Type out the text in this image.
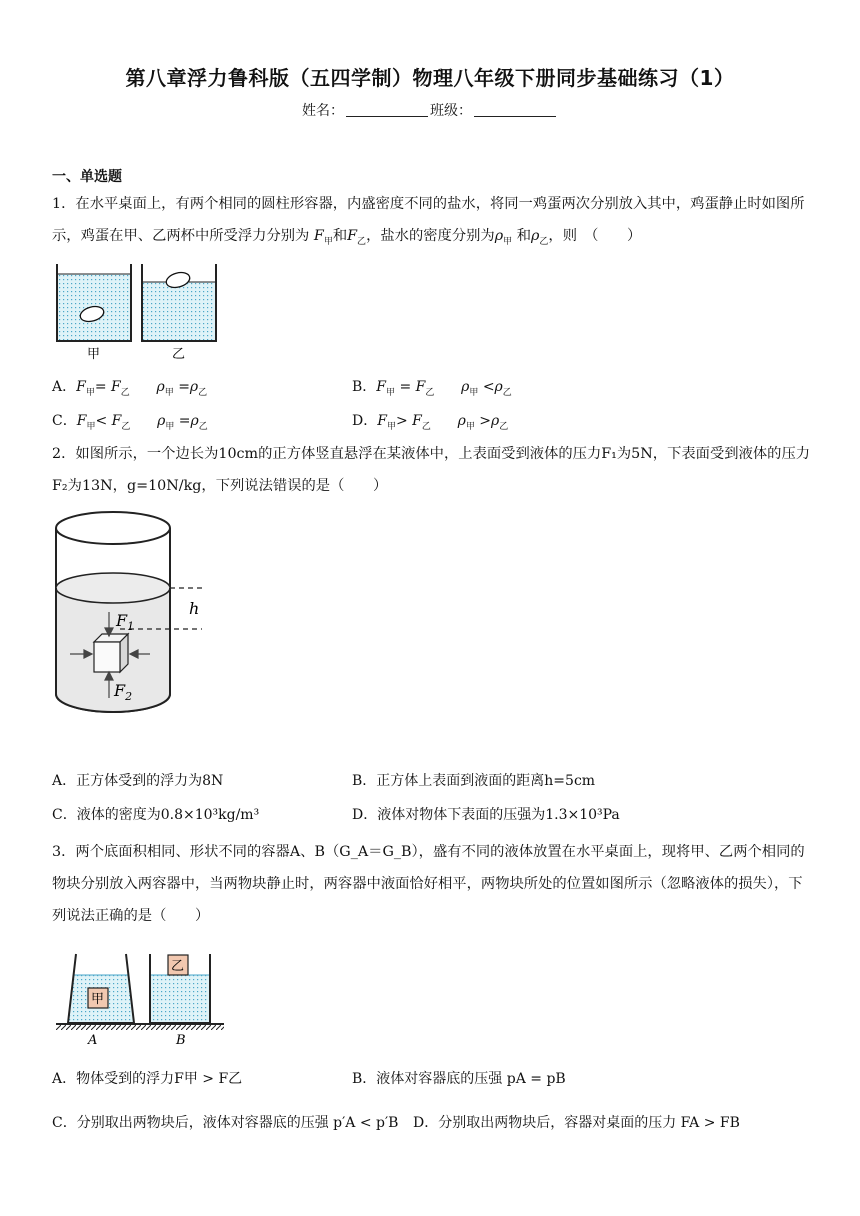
第八章浮力鲁科版（五四学制）物理八年级下册同步基础练习（1）
姓名：	班级：
一、单选题
1．在水平桌面上，有两个相同的圆柱形容器，内盛密度不同的盐水，将同一鸡蛋两次分别放入其中，鸡蛋静止时如图所示，鸡蛋在甲、乙两杯中所受浮力分别为 $F_甲$和$F_乙$，盐水的密度分别为$\rho_甲$ 和$\rho_乙$，则　（　　）
甲	乙
A．$F_甲= F_乙$ $\rho_甲 =\rho_乙$	B．$F_甲 = F_乙$ $\rho_甲 <\rho_乙$
C．$F_甲< F_乙$ $\rho_甲 =\rho_乙$	D．$F_甲> F_乙$ $\rho_甲 >\rho_乙$
2．如图所示，一个边长为10cm的正方体竖直悬浮在某液体中，上表面受到液体的压力F₁为5N，下表面受到液体的压力F₂为13N，g=10N/kg，下列说法错误的是（　　）
h
$F_1$
$F_2$
A．正方体受到的浮力为8N	B．正方体上表面到液面的距离h=5cm
C．液体的密度为0.8×10³kg/m³	D．液体对物体下表面的压强为1.3×10³Pa
3．两个底面积相同、形状不同的容器A、B（G_A＝G_B），盛有不同的液体放置在水平桌面上，现将甲、乙两个相同的物块分别放入两容器中，当两物块静止时，两容器中液面恰好相平，两物块所处的位置如图所示（忽略液体的损失），下列说法正确的是（　　）
甲
乙
A	B
A．物体受到的浮力F甲 > F乙	B．液体对容器底的压强 pA = pB
C．分别取出两物块后，液体对容器底的压强 p′A < p′B D．分别取出两物块后，容器对桌面的压力 FA > FB
